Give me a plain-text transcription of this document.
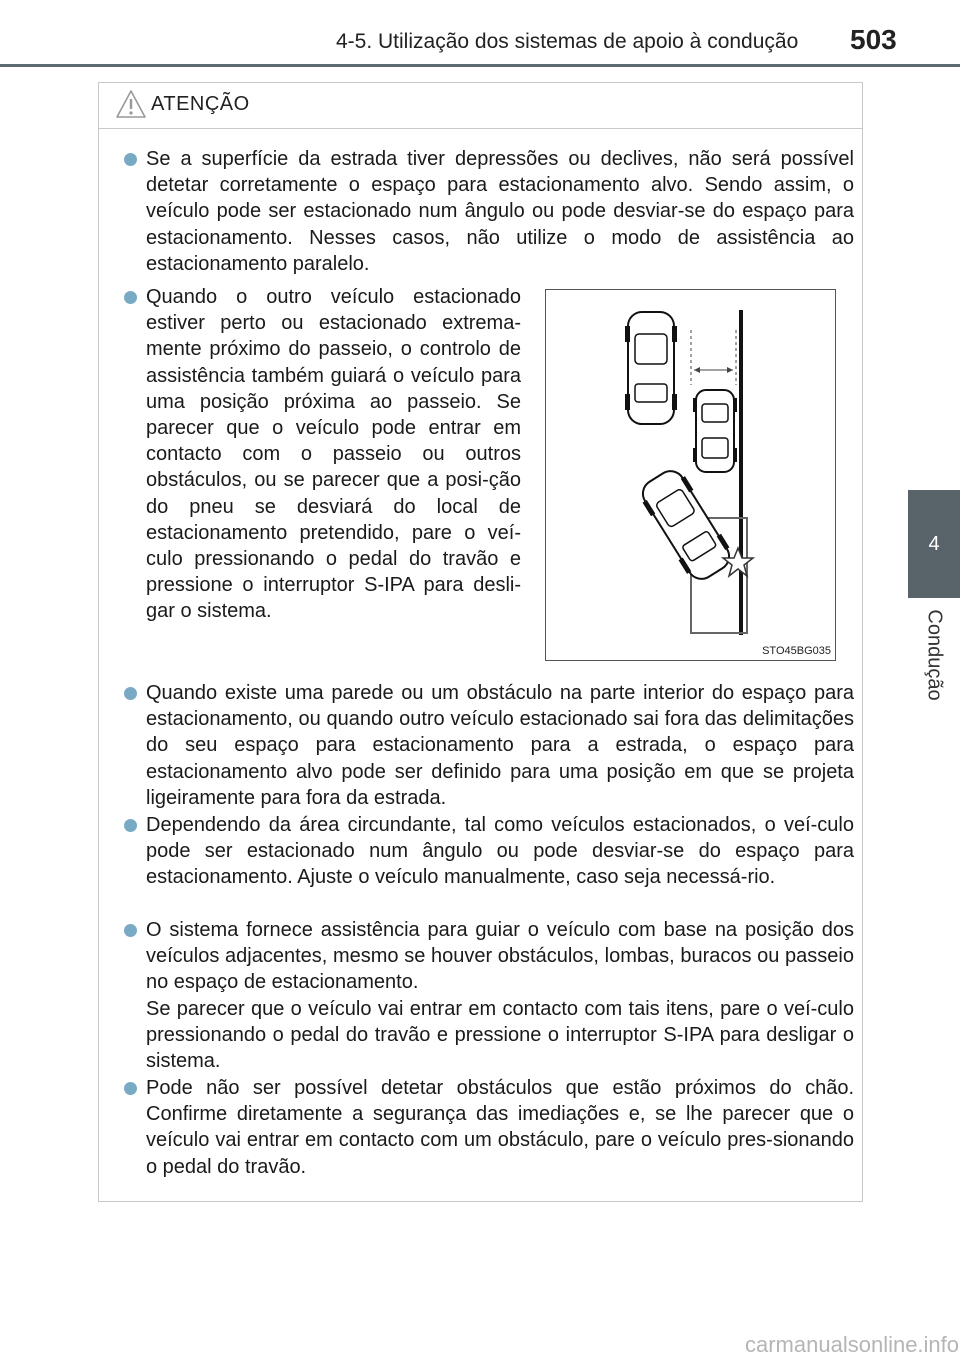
4-5. Utilização dos sistemas de apoio à condução 503
4
Condução
ATENÇÃO
Se a superfície da estrada tiver depressões ou declives, não será possível detetar corretamente o espaço para estacionamento alvo. Sendo assim, o veículo pode ser estacionado num ângulo ou pode desviar-se do espaço para estacionamento. Nesses casos, não utilize o modo de assistência ao estacionamento paralelo.
Quando o outro veículo estacionado estiver perto ou estacionado extrema-mente próximo do passeio, o controlo de assistência também guiará o veículo para uma posição próxima ao passeio. Se parecer que o veículo pode entrar em contacto com o passeio ou outros obstáculos, ou se parecer que a posi-ção do pneu se desviará do local de estacionamento pretendido, pare o veí-culo pressionando o pedal do travão e pressione o interruptor S-IPA para desli-gar o sistema.
Quando existe uma parede ou um obstáculo na parte interior do espaço para estacionamento, ou quando outro veículo estacionado sai fora das delimitações do seu espaço para estacionamento para a estrada, o espaço para estacionamento alvo pode ser definido para uma posição em que se projeta ligeiramente para fora da estrada.
Dependendo da área circundante, tal como veículos estacionados, o veí-culo pode ser estacionado num ângulo ou pode desviar-se do espaço para estacionamento. Ajuste o veículo manualmente, caso seja necessá-rio.

O sistema fornece assistência para guiar o veículo com base na posição dos veículos adjacentes, mesmo se houver obstáculos, lombas, buracos ou passeio no espaço de estacionamento.

Se parecer que o veículo vai entrar em contacto com tais itens, pare o veí-culo pressionando o pedal do travão e pressione o interruptor S-IPA para desligar o sistema.

Pode não ser possível detetar obstáculos que estão próximos do chão. Confirme diretamente a segurança das imediações e, se lhe parecer que o veículo vai entrar em contacto com um obstáculo, pare o veículo pres-sionando o pedal do travão.
STO45BG035
carmanualsonline.info
